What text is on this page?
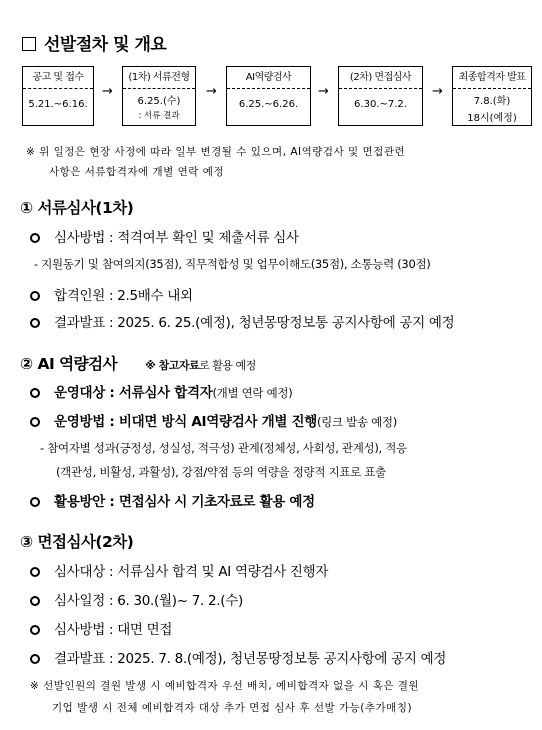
선발절차 및 개요
공고 및 접수
5.21.~6.16.
→
(1차) 서류전형
6.25.(수)
: 서류 결과
→
AI역량검사
6.25.~6.26.
→
(2차) 면접심사
6.30.~7.2.
→
최종합격자 발표
7.8.(화)
18시(예정)
※ 위 일정은 현장 사정에 따라 일부 변경될 수 있으며, AI역량검사 및 면접관련
사항은 서류합격자에 개별 연락 예정
① 서류심사(1차)
심사방법 : 적격여부 확인 및 제출서류 심사
- 지원동기 및 참여의지(35점), 직무적합성 및 업무이해도(35점), 소통능력 (30점)
합격인원 : 2.5배수 내외
결과발표 : 2025. 6. 25.(예정), 청년몽땅정보통 공지사항에 공지 예정
② AI 역량검사	※ 참고자료로 활용 예정
운영대상 : 서류심사 합격자(개별 연락 예정)
운영방법 : 비대면 방식 AI역량검사 개별 진행(링크 발송 예정)
- 참여자별 성과(긍정성, 성실성, 적극성) 관계(정체성, 사회성, 관계성), 적응
(객관성, 비활성, 과활성), 강점/약점 등의 역량을 정량적 지표로 표출
활용방안 : 면접심사 시 기초자료로 활용 예정
③ 면접심사(2차)
심사대상 : 서류심사 합격 및 AI 역량검사 진행자
심사일정 : 6. 30.(월)~ 7. 2.(수)
심사방법 : 대면 면접
결과발표 : 2025. 7. 8.(예정), 청년몽땅정보통 공지사항에 공지 예정
※ 선발인원의 결원 발생 시 예비합격자 우선 배치, 예비합격자 없을 시 혹은 결원
기업 발생 시 전체 예비합격자 대상 추가 면접 심사 후 선발 가능(추가매칭)
